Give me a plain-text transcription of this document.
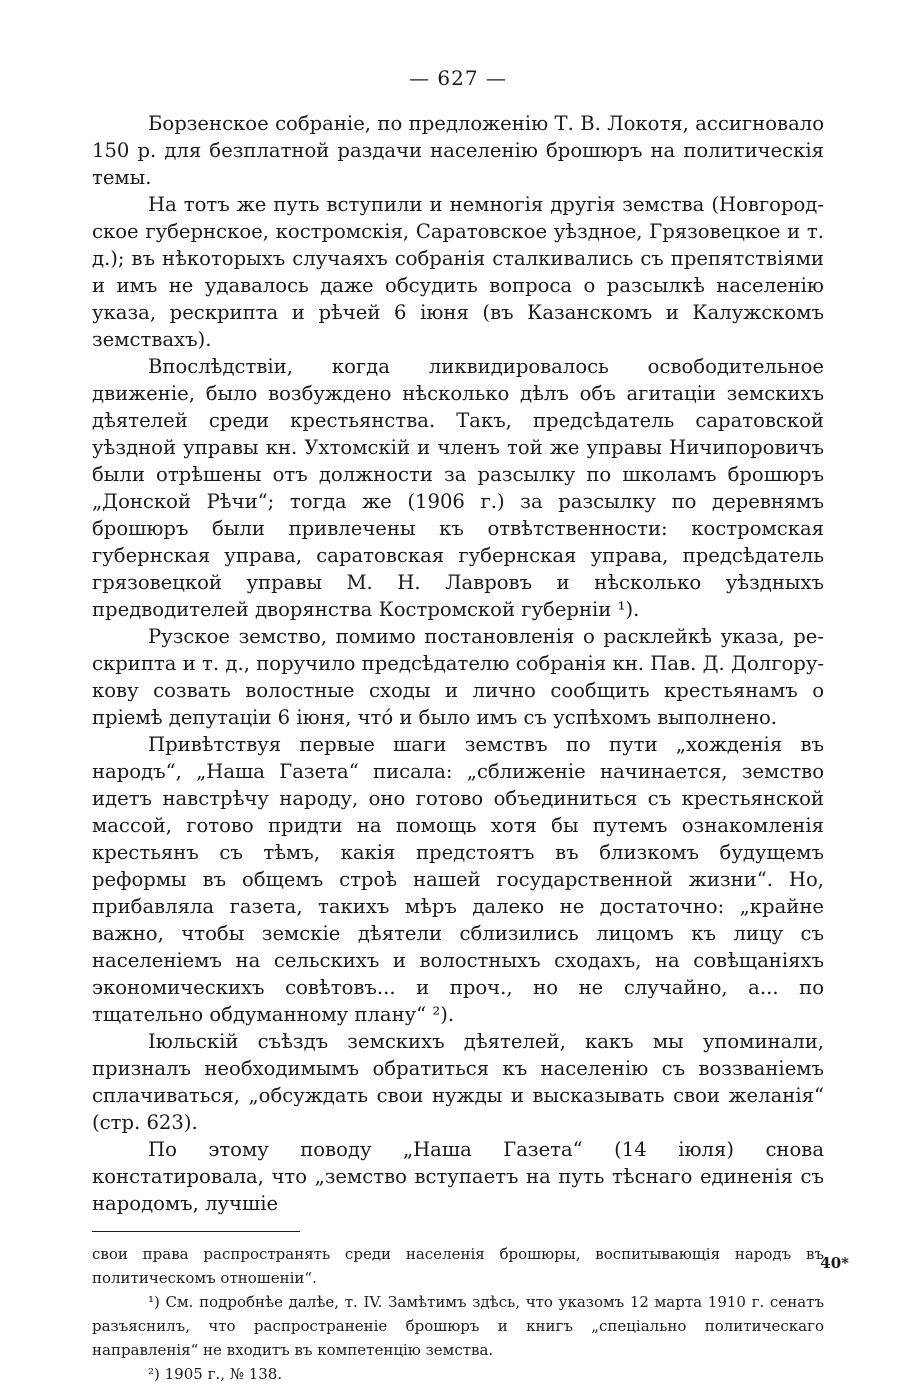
— 627 —

Борзенское собраніе, по предложенію Т. В. Локотя, ассигновало 150 р. для безплатной раздачи населенію брошюръ на политическія темы.

На тотъ же путь вступили и немногія другія земства (Новгородское губернское, костромскія, Саратовское уѣздное, Грязовецкое и т. д.); въ нѣкоторыхъ случаяхъ собранія сталкивались съ препятствіями и имъ не удавалось даже обсудить вопроса о разсылкѣ населенію указа, рескрипта и рѣчей 6 іюня (въ Казанскомъ и Калужскомъ земствахъ).

Впослѣдствіи, когда ликвидировалось освободительное движеніе, было возбуждено нѣсколько дѣлъ объ агитаціи земскихъ дѣятелей среди крестьянства. Такъ, предсѣдатель саратовской уѣздной управы кн. Ухтомскій и членъ той же управы Ничипоровичъ были отрѣшены отъ должности за разсылку по школамъ брошюръ „Донской Рѣчи“; тогда же (1906 г.) за разсылку по деревнямъ брошюръ были привлечены къ отвѣтственности: костромская губернская управа, саратовская губернская управа, предсѣдатель грязовецкой управы М. Н. Лавровъ и нѣсколько уѣздныхъ предводителей дворянства Костромской губерніи ¹).

Рузское земство, помимо постановленія о расклейкѣ указа, рескрипта и т. д., поручило предсѣдателю собранія кн. Пав. Д. Долгорукову созвать волостные сходы и лично сообщить крестьянамъ о пріемѣ депутаціи 6 іюня, что́ и было имъ съ успѣхомъ выполнено.

Привѣтствуя первые шаги земствъ по пути „хожденія въ народъ“, „Наша Газета“ писала: „сближеніе начинается, земство идетъ навстрѣчу народу, оно готово объединиться съ крестьянской массой, готово придти на помощь хотя бы путемъ ознакомленія крестьянъ съ тѣмъ, какія предстоятъ въ близкомъ будущемъ реформы въ общемъ строѣ нашей государственной жизни“. Но, прибавляла газета, такихъ мѣръ далеко не достаточно: „крайне важно, чтобы земскіе дѣятели сблизились лицомъ къ лицу съ населеніемъ на сельскихъ и волостныхъ сходахъ, на совѣщаніяхъ экономическихъ совѣтовъ... и проч., но не случайно, а... по тщательно обдуманному плану“ ²).

Іюльскій съѣздъ земскихъ дѣятелей, какъ мы упоминали, призналъ необходимымъ обратиться къ населенію съ воззваніемъ сплачиваться, „обсуждать свои нужды и высказывать свои желанія“ (стр. 623).

По этому поводу „Наша Газета“ (14 іюля) снова констатировала, что „земство вступаетъ на путь тѣснаго единенія съ народомъ, лучшіе

свои права распространять среди населенія брошюры, воспитывающія народъ въ политическомъ отношеніи“.

¹) См. подробнѣе далѣе, т. IV. Замѣтимъ здѣсь, что указомъ 12 марта 1910 г. сенатъ разъяснилъ, что распространеніе брошюръ и книгъ „спеціально политическаго направленія“ не входитъ въ компетенцію земства.

²) 1905 г., № 138.

40*
